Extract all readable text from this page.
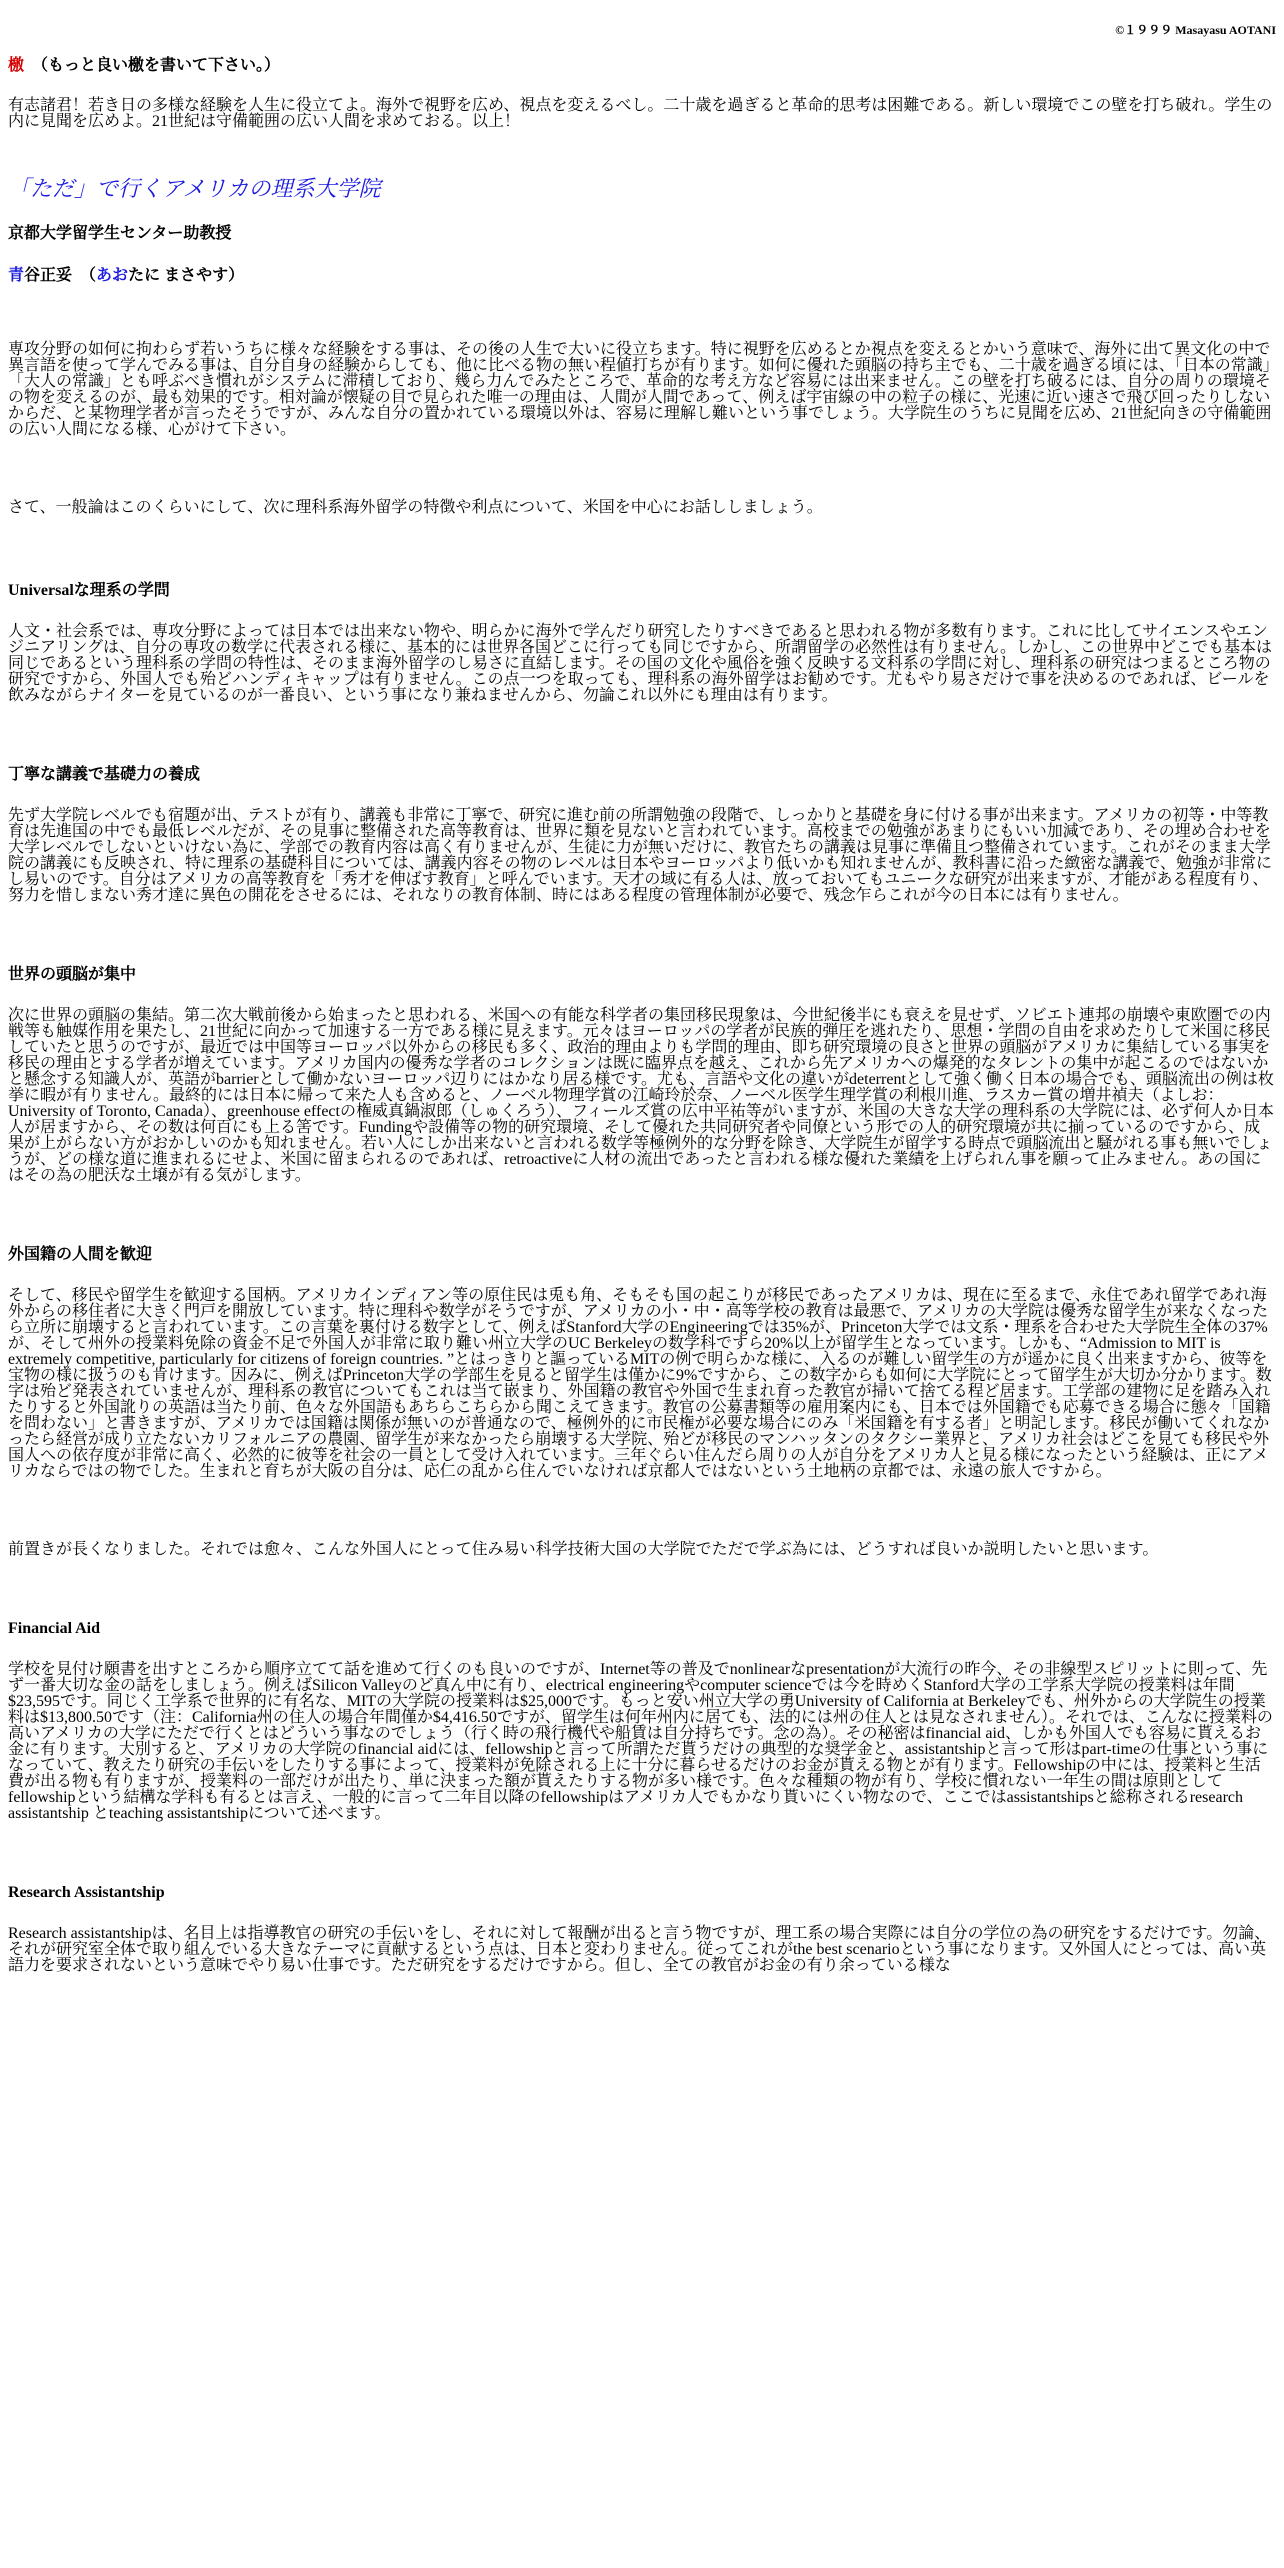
©１９９９ Masayasu AOTANI
檄 （もっと良い檄を書いて下さい。）

有志諸君！若き日の多様な経験を人生に役立てよ。海外で視野を広め、視点を変えるべし。二十歳を過ぎると革命的思考は困難である。新しい環境でこの壁を打ち破れ。学生の内に見聞を広めよ。21世紀は守備範囲の広い人間を求めておる。以上！

「ただ」で行くアメリカの理系大学院
京都大学留学生センター助教授
青谷正妥 （あおたに まさやす）

専攻分野の如何に拘わらず若いうちに様々な経験をする事は、その後の人生で大いに役立ちます。特に視野を広めるとか視点を変えるとかいう意味で、海外に出て異文化の中で異言語を使って学んでみる事は、自分自身の経験からしても、他に比べる物の無い程値打ちが有ります。如何に優れた頭脳の持ち主でも、二十歳を過ぎる頃には、「日本の常識」「大人の常識」とも呼ぶべき慣れがシステムに滞積しており、幾ら力んでみたところで、革命的な考え方など容易には出来ません。この壁を打ち破るには、自分の周りの環境その物を変えるのが、最も効果的です。相対論が懐疑の目で見られた唯一の理由は、人間が人間であって、例えば宇宙線の中の粒子の様に、光速に近い速さで飛び回ったりしないからだ、と某物理学者が言ったそうですが、みんな自分の置かれている環境以外は、容易に理解し難いという事でしょう。大学院生のうちに見聞を広め、21世紀向きの守備範囲の広い人間になる様、心がけて下さい。

さて、一般論はこのくらいにして、次に理科系海外留学の特徴や利点について、米国を中心にお話ししましょう。

Universalな理系の学問

人文・社会系では、専攻分野によっては日本では出来ない物や、明らかに海外で学んだり研究したりすべきであると思われる物が多数有ります。これに比してサイエンスやエンジニアリングは、自分の専攻の数学に代表される様に、基本的には世界各国どこに行っても同じですから、所謂留学の必然性は有りません。しかし、この世界中どこでも基本は同じであるという理科系の学問の特性は、そのまま海外留学のし易さに直結します。その国の文化や風俗を強く反映する文科系の学問に対し、理科系の研究はつまるところ物の研究ですから、外国人でも殆どハンディキャップは有りません。この点一つを取っても、理科系の海外留学はお勧めです。尤もやり易さだけで事を決めるのであれば、ビールを飲みながらナイターを見ているのが一番良い、という事になり兼ねませんから、勿論これ以外にも理由は有ります。

丁寧な講義で基礎力の養成

先ず大学院レベルでも宿題が出、テストが有り、講義も非常に丁寧で、研究に進む前の所謂勉強の段階で、しっかりと基礎を身に付ける事が出来ます。アメリカの初等・中等教育は先進国の中でも最低レベルだが、その見事に整備された高等教育は、世界に類を見ないと言われています。高校までの勉強があまりにもいい加減であり、その埋め合わせを大学レベルでしないといけない為に、学部での教育内容は高く有りませんが、生徒に力が無いだけに、教官たちの講義は見事に準備且つ整備されています。これがそのまま大学院の講義にも反映され、特に理系の基礎科目については、講義内容その物のレベルは日本やヨーロッパより低いかも知れませんが、教科書に沿った緻密な講義で、勉強が非常にし易いのです。自分はアメリカの高等教育を「秀才を伸ばす教育」と呼んでいます。天才の域に有る人は、放っておいてもユニークな研究が出来ますが、才能がある程度有り、努力を惜しまない秀才達に異色の開花をさせるには、それなりの教育体制、時にはある程度の管理体制が必要で、残念乍らこれが今の日本には有りません。

世界の頭脳が集中

次に世界の頭脳の集結。第二次大戦前後から始まったと思われる、米国への有能な科学者の集団移民現象は、今世紀後半にも衰えを見せず、ソビエト連邦の崩壊や東欧圏での内戦等も触媒作用を果たし、21世紀に向かって加速する一方である様に見えます。元々はヨーロッパの学者が民族的弾圧を逃れたり、思想・学問の自由を求めたりして米国に移民していたと思うのですが、最近では中国等ヨーロッパ以外からの移民も多く、政治的理由よりも学問的理由、即ち研究環境の良さと世界の頭脳がアメリカに集結している事実を移民の理由とする学者が増えています。アメリカ国内の優秀な学者のコレクションは既に臨界点を越え、これから先アメリカへの爆発的なタレントの集中が起こるのではないかと懸念する知識人が、英語がbarrierとして働かないヨーロッパ辺りにはかなり居る様です。尤も、言語や文化の違いがdeterrentとして強く働く日本の場合でも、頭脳流出の例は枚挙に暇が有りません。最終的には日本に帰って来た人も含めると、ノーベル物理学賞の江崎玲於奈、ノーベル医学生理学賞の利根川進、ラスカー賞の増井禎夫（よしお：University of Toronto, Canada）、greenhouse effectの権威真鍋淑郎（しゅくろう）、フィールズ賞の広中平祐等がいますが、米国の大きな大学の理科系の大学院には、必ず何人か日本人が居ますから、その数は何百にも上る筈です。Fundingや設備等の物的研究環境、そして優れた共同研究者や同僚という形での人的研究環境が共に揃っているのですから、成果が上がらない方がおかしいのかも知れません。若い人にしか出来ないと言われる数学等極例外的な分野を除き、大学院生が留学する時点で頭脳流出と騒がれる事も無いでしょうが、どの様な道に進まれるにせよ、米国に留まられるのであれば、retroactiveに人材の流出であったと言われる様な優れた業績を上げられん事を願って止みません。あの国にはその為の肥沃な土壌が有る気がします。

外国籍の人間を歓迎

そして、移民や留学生を歓迎する国柄。アメリカインディアン等の原住民は兎も角、そもそも国の起こりが移民であったアメリカは、現在に至るまで、永住であれ留学であれ海外からの移住者に大きく門戸を開放しています。特に理科や数学がそうですが、アメリカの小・中・高等学校の教育は最悪で、アメリカの大学院は優秀な留学生が来なくなったら立所に崩壊すると言われています。この言葉を裏付ける数字として、例えばStanford大学のEngineeringでは35%が、Princeton大学では文系・理系を合わせた大学院生全体の37%が、そして州外の授業料免除の資金不足で外国人が非常に取り難い州立大学のUC Berkeleyの数学科ですら20%以上が留学生となっています。しかも、“Admission to MIT is extremely competitive, particularly for citizens of foreign countries. ”とはっきりと謳っているMITの例で明らかな様に、入るのが難しい留学生の方が遥かに良く出来ますから、彼等を宝物の様に扱うのも肯けます。因みに、例えばPrinceton大学の学部生を見ると留学生は僅かに9%ですから、この数字からも如何に大学院にとって留学生が大切か分かります。数字は殆ど発表されていませんが、理科系の教官についてもこれは当て嵌まり、外国籍の教官や外国で生まれ育った教官が掃いて捨てる程ど居ます。工学部の建物に足を踏み入れたりすると外国訛りの英語は当たり前、色々な外国語もあちらこちらから聞こえてきます。教官の公募書類等の雇用案内にも、日本では外国籍でも応募できる場合に態々「国籍を問わない」と書きますが、アメリカでは国籍は関係が無いのが普通なので、極例外的に市民権が必要な場合にのみ「米国籍を有する者」と明記します。移民が働いてくれなかったら経営が成り立たないカリフォルニアの農園、留学生が来なかったら崩壊する大学院、殆どが移民のマンハッタンのタクシー業界と、アメリカ社会はどこを見ても移民や外国人への依存度が非常に高く、必然的に彼等を社会の一員として受け入れています。三年ぐらい住んだら周りの人が自分をアメリカ人と見る様になったという経験は、正にアメリカならではの物でした。生まれと育ちが大阪の自分は、応仁の乱から住んでいなければ京都人ではないという土地柄の京都では、永遠の旅人ですから。

前置きが長くなりました。それでは愈々、こんな外国人にとって住み易い科学技術大国の大学院でただで学ぶ為には、どうすれば良いか説明したいと思います。

Financial Aid

学校を見付け願書を出すところから順序立てて話を進めて行くのも良いのですが、Internet等の普及でnonlinearなpresentationが大流行の昨今、その非線型スピリットに則って、先ず一番大切な金の話をしましょう。例えばSilicon Valleyのど真ん中に有り、electrical engineeringやcomputer scienceでは今を時めくStanford大学の工学系大学院の授業料は年間$23,595です。同じく工学系で世界的に有名な、MITの大学院の授業料は$25,000です。もっと安い州立大学の勇University of California at Berkeleyでも、州外からの大学院生の授業料は$13,800.50です（注：California州の住人の場合年間僅か$4,416.50ですが、留学生は何年州内に居ても、法的には州の住人とは見なされません）。それでは、こんなに授業料の高いアメリカの大学にただで行くとはどういう事なのでしょう（行く時の飛行機代や船賃は自分持ちです。念の為）。その秘密はfinancial aid、しかも外国人でも容易に貰えるお金に有ります。大別すると、アメリカの大学院のfinancial aidには、fellowshipと言って所謂ただ貰うだけの典型的な奨学金と、assistantshipと言って形はpart-timeの仕事という事になっていて、教えたり研究の手伝いをしたりする事によって、授業料が免除される上に十分に暮らせるだけのお金が貰える物とが有ります。Fellowshipの中には、授業料と生活費が出る物も有りますが、授業料の一部だけが出たり、単に決まった額が貰えたりする物が多い様です。色々な種類の物が有り、学校に慣れない一年生の間は原則としてfellowshipという結構な学科も有るとは言え、一般的に言って二年目以降のfellowshipはアメリカ人でもかなり貰いにくい物なので、ここではassistantshipsと総称されるresearch assistantship とteaching assistantshipについて述べます。

Research Assistantship

Research assistantshipは、名目上は指導教官の研究の手伝いをし、それに対して報酬が出ると言う物ですが、理工系の場合実際には自分の学位の為の研究をするだけです。勿論、それが研究室全体で取り組んでいる大きなテーマに貢献するという点は、日本と変わりません。従ってこれがthe best scenarioという事になります。又外国人にとっては、高い英語力を要求されないという意味でやり易い仕事です。ただ研究をするだけですから。但し、全ての教官がお金の有り余っている様な
